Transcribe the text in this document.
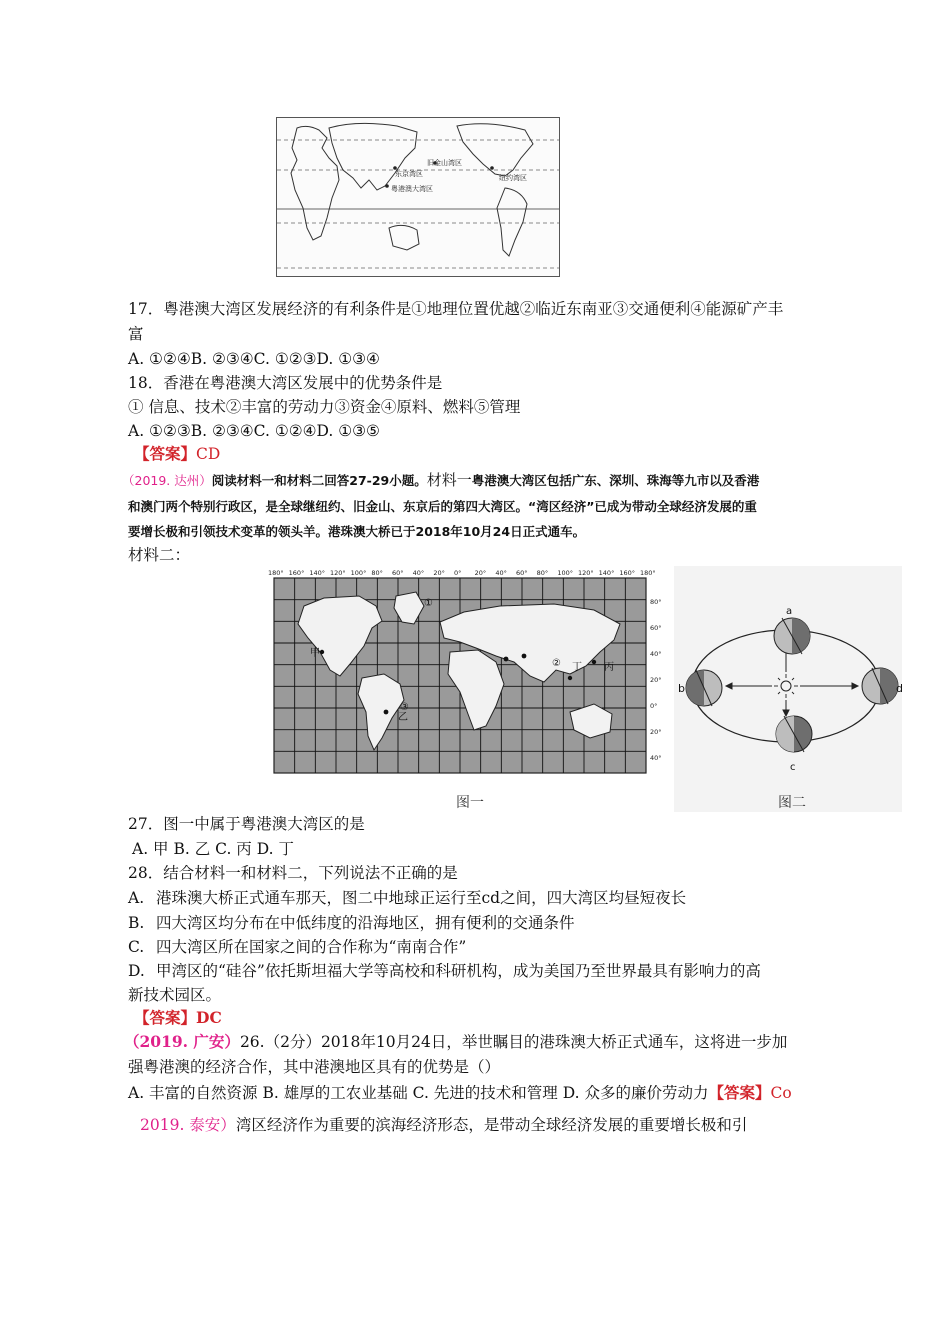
旧金山湾区
东京湾区	纽约湾区
粤港澳大湾区
17．粤港澳大湾区发展经济的有利条件是①地理位置优越②临近东南亚③交通便利④能源矿产丰
富
A. ①②④B. ②③④C. ①②③D. ①③④
18．香港在粤港澳大湾区发展中的优势条件是
① 信息、技术②丰富的劳动力③资金④原料、燃料⑤管理
A. ①②③B. ②③④C. ①②④D. ①③⑤
【答案】CD
（2019. 达州）阅读材料一和材料二回答27-29小题。材料一粤港澳大湾区包括广东、深圳、珠海等九市以及香港
和澳门两个特别行政区，是全球继纽约、旧金山、东京后的第四大湾区。“湾区经济”已成为带动全球经济发展的重
要增长极和引领技术变革的领头羊。港珠澳大桥已于2018年10月24日正式通车。
材料二：
180° 160° 140° 120° 100° 80° 60° 40° 20° 0° 20° 40° 60° 80° 100° 120° 140° 160° 180°
80°
60°
40°
20°
0°
20°
40°
甲
乙
丁 丙
①
②
③
图一
a
b
c
d
图二
27．图一中属于粤港澳大湾区的是
A. 甲 B. 乙 C. 丙 D. 丁
28．结合材料一和材料二，下列说法不正确的是
A. 港珠澳大桥正式通车那天，图二中地球正运行至cd之间，四大湾区均昼短夜长
B. 四大湾区均分布在中低纬度的沿海地区，拥有便利的交通条件
C. 四大湾区所在国家之间的合作称为“南南合作”
D. 甲湾区的“硅谷”依托斯坦福大学等高校和科研机构，成为美国乃至世界最具有影响力的高
新技术园区。
【答案】DC
（2019. 广安）26.（2分）2018年10月24日，举世瞩目的港珠澳大桥正式通车，这将进一步加
强粤港澳的经济合作，其中港澳地区具有的优势是（）
A. 丰富的自然资源 B. 雄厚的工农业基础 C. 先进的技术和管理 D. 众多的廉价劳动力【答案】Co
2019. 泰安）湾区经济作为重要的滨海经济形态，是带动全球经济发展的重要增长极和引
